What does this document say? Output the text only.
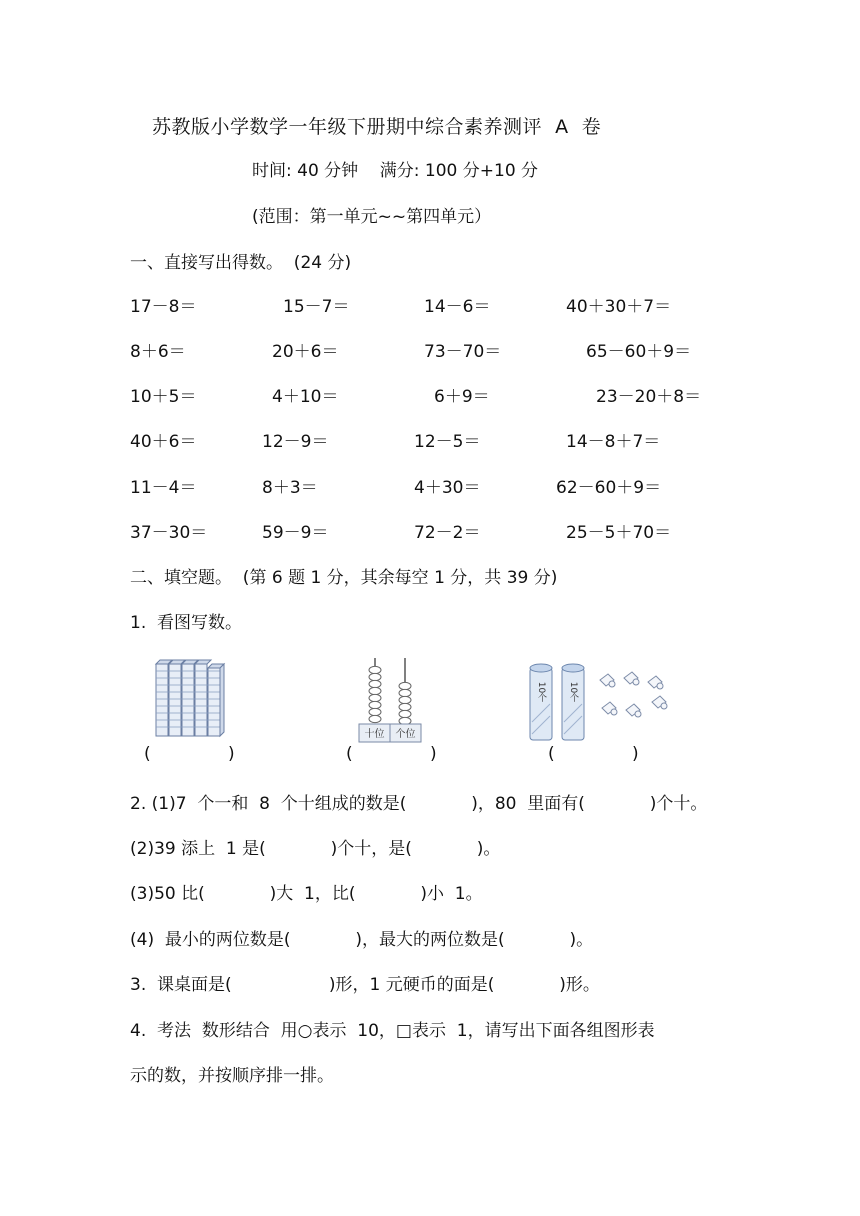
苏教版小学数学一年级下册期中综合素养测评  A  卷
时间: 40 分钟    满分: 100 分+10 分
(范围：第一单元~~第四单元）
一、直接写出得数。  (24 分)
17－8＝	15－7＝	14－6＝	40＋30＋7＝
8＋6＝	20＋6＝	73－70＝	65－60＋9＝
10＋5＝	4＋10＝	6＋9＝	23－20＋8＝
40＋6＝	12－9＝	12－5＝	14－8＋7＝
11－4＝	8＋3＝	4＋30＝	62－60＋9＝
37－30＝	59－9＝	72－2＝	25－5＋70＝
二、填空题。  (第 6 题 1 分，其余每空 1 分，共 39 分)
1.  看图写数。
(	)
十位 个位
(	)
10个 10个
(	)
2. (1)7  个一和  8  个十组成的数是(            )，80  里面有(            )个十。
(2)39 添上  1 是(            )个十，是(            )。
(3)50 比(            )大  1，比(            )小  1。
(4)  最小的两位数是(            )，最大的两位数是(            )。
3.  课桌面是(                  )形，1 元硬币的面是(            )形。
4.  考法  数形结合  用○表示  10，□表示  1，请写出下面各组图形表
示的数，并按顺序排一排。
